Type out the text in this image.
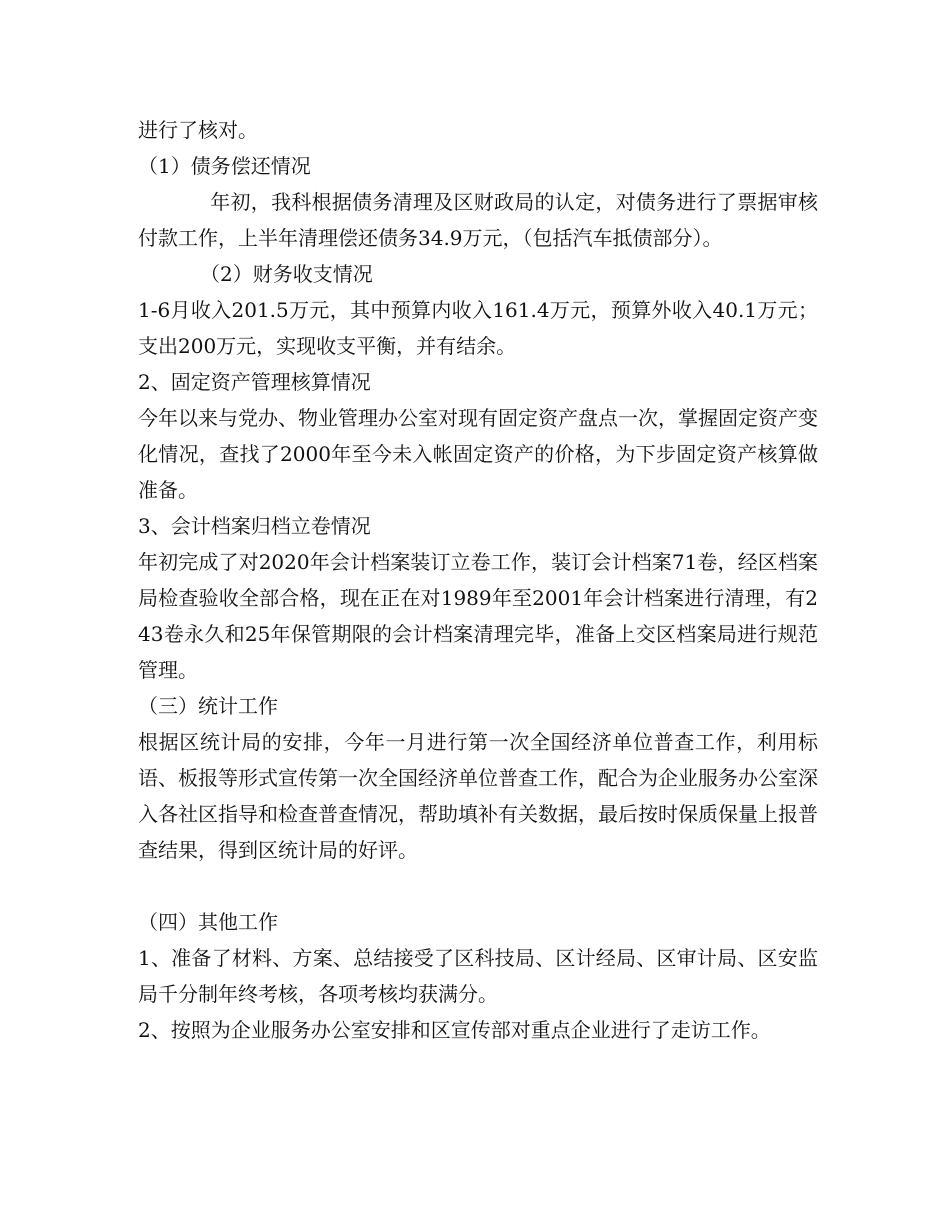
进行了核对。

（1）债务偿还情况

年初，我科根据债务清理及区财政局的认定，对债务进行了票据审核付款工作，上半年清理偿还债务34.9万元，（包括汽车抵债部分）。

（2）财务收支情况

1-6月收入201.5万元，其中预算内收入161.4万元，预算外收入40.1万元；支出200万元，实现收支平衡，并有结余。

2、固定资产管理核算情况

今年以来与党办、物业管理办公室对现有固定资产盘点一次，掌握固定资产变化情况，查找了2000年至今未入帐固定资产的价格，为下步固定资产核算做准备。

3、会计档案归档立卷情况

年初完成了对2020年会计档案装订立卷工作，装订会计档案71卷，经区档案局检查验收全部合格，现在正在对1989年至2001年会计档案进行清理，有243卷永久和25年保管期限的会计档案清理完毕，准备上交区档案局进行规范管理。

（三）统计工作

根据区统计局的安排，今年一月进行第一次全国经济单位普查工作，利用标语、板报等形式宣传第一次全国经济单位普查工作，配合为企业服务办公室深入各社区指导和检查普查情况，帮助填补有关数据，最后按时保质保量上报普查结果，得到区统计局的好评。

（四）其他工作

1、准备了材料、方案、总结接受了区科技局、区计经局、区审计局、区安监局千分制年终考核，各项考核均获满分。

2、按照为企业服务办公室安排和区宣传部对重点企业进行了走访工作。
